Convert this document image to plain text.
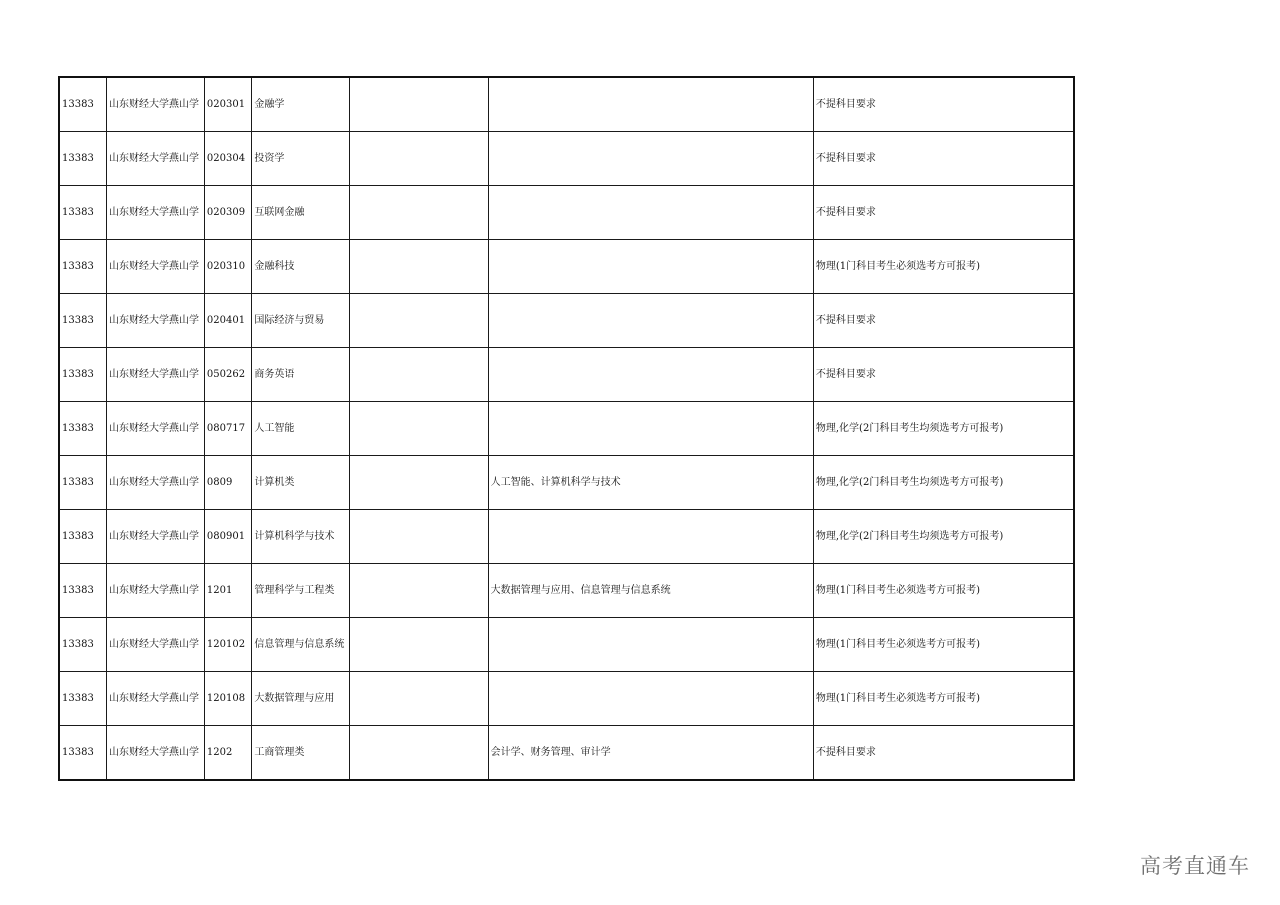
13383	山东财经大学燕山学	020301	金融学			不提科目要求
13383	山东财经大学燕山学	020304	投资学			不提科目要求
13383	山东财经大学燕山学	020309	互联网金融			不提科目要求
13383	山东财经大学燕山学	020310	金融科技			物理(1门科目考生必须选考方可报考)
13383	山东财经大学燕山学	020401	国际经济与贸易			不提科目要求
13383	山东财经大学燕山学	050262	商务英语			不提科目要求
13383	山东财经大学燕山学	080717	人工智能			物理,化学(2门科目考生均须选考方可报考)
13383	山东财经大学燕山学	0809	计算机类		人工智能、计算机科学与技术	物理,化学(2门科目考生均须选考方可报考)
13383	山东财经大学燕山学	080901	计算机科学与技术			物理,化学(2门科目考生均须选考方可报考)
13383	山东财经大学燕山学	1201	管理科学与工程类		大数据管理与应用、信息管理与信息系统	物理(1门科目考生必须选考方可报考)
13383	山东财经大学燕山学	120102	信息管理与信息系统			物理(1门科目考生必须选考方可报考)
13383	山东财经大学燕山学	120108	大数据管理与应用			物理(1门科目考生必须选考方可报考)
13383	山东财经大学燕山学	1202	工商管理类		会计学、财务管理、审计学	不提科目要求
高考直通车
